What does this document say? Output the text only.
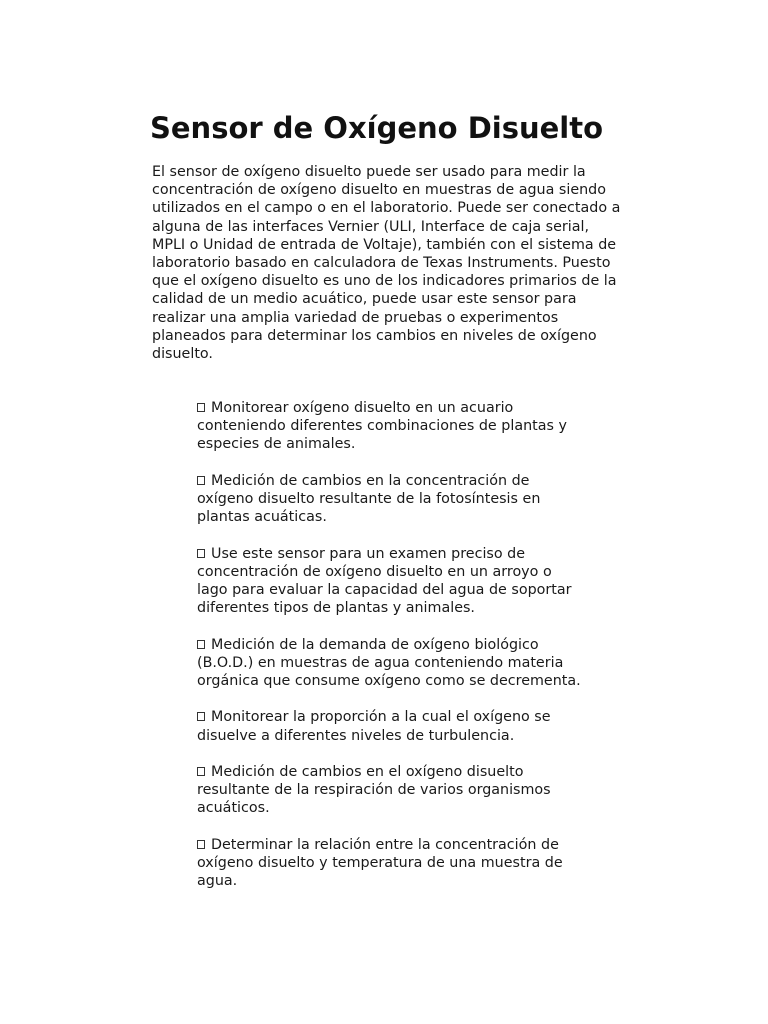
Sensor de Oxígeno Disuelto

El sensor de oxígeno disuelto puede ser usado para medir la concentración de oxígeno disuelto en muestras de agua siendo utilizados en el campo o en el laboratorio. Puede ser conectado a alguna de las interfaces Vernier (ULI, Interface de caja serial, MPLI o Unidad de entrada de Voltaje), también con el sistema de laboratorio basado en calculadora de Texas Instruments. Puesto que el oxígeno disuelto es uno de los indicadores primarios de la calidad de un medio acuático, puede usar este sensor para realizar una amplia variedad de pruebas o experimentos planeados para determinar los cambios en niveles de oxígeno disuelto.

Monitorear oxígeno disuelto en un acuario conteniendo diferentes combinaciones de plantas y especies de animales.
Medición de cambios en la concentración de oxígeno disuelto resultante de la fotosíntesis en plantas acuáticas.
Use este sensor para un examen preciso de concentración de oxígeno disuelto en un arroyo o lago para evaluar la capacidad del agua de soportar diferentes tipos de plantas y animales.
Medición de la demanda de oxígeno biológico (B.O.D.) en muestras de agua conteniendo materia orgánica que consume oxígeno como se decrementa.
Monitorear la proporción a la cual el oxígeno se disuelve a diferentes niveles de turbulencia.
Medición de cambios en el oxígeno disuelto resultante de la respiración de varios organismos acuáticos.
Determinar la relación entre la concentración de oxígeno disuelto y temperatura de una muestra de agua.
